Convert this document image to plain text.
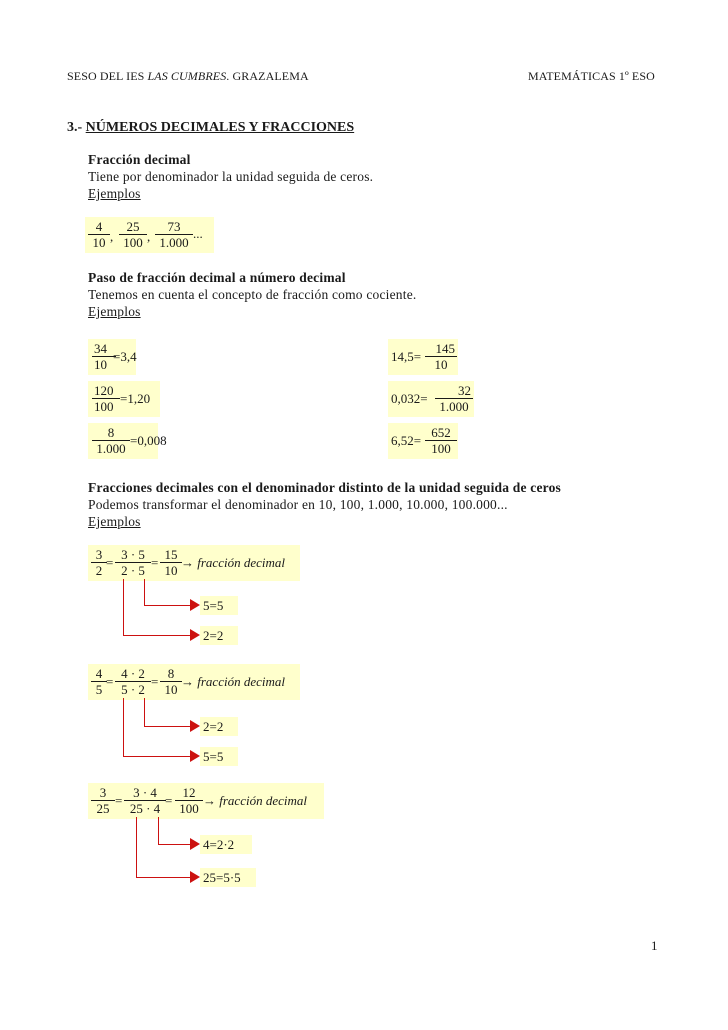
SESO DEL IES LAS CUMBRES. GRAZALEMA	MATEMÁTICAS 1º ESO
3.- NÚMEROS DECIMALES Y FRACCIONES
Fracción decimal
Tiene por denominador la unidad seguida de ceros.
Ejemplos
$\frac{4}{10}$ , $\frac{25}{100}$ , $\frac{73}{1.000}$ ...
Paso de fracción decimal a número decimal
Tenemos en cuenta el concepto de fracción como cociente.
Ejemplos
$\frac{34}{10}$
=3,4
$\frac{120}{100} =1,20$
$\frac{8}{1.000} =0,008$
$14,5= \frac{145}{10}$
$0,032= \frac{32}{1.000}$
$6,52= \frac{652}{100}$
Fracciones decimales con el denominador distinto de la unidad seguida de ceros
Podemos transformar el denominador en 10, 100, 1.000, 10.000, 100.000...
Ejemplos
$\frac{3}{2} = \frac{3 \cdot 5}{2 \cdot 5} = \frac{15}{10}$ → fracción decimal
5=5
2=2
$\frac{4}{5} = \frac{4 \cdot 2}{5 \cdot 2} = \frac{8}{10}$ → fracción decimal
2=2
5=5
$\frac{3}{25} = \frac{3 \cdot 4}{25 \cdot 4} = \frac{12}{100}$ → fracción decimal
4=2·2
25=5·5
1
